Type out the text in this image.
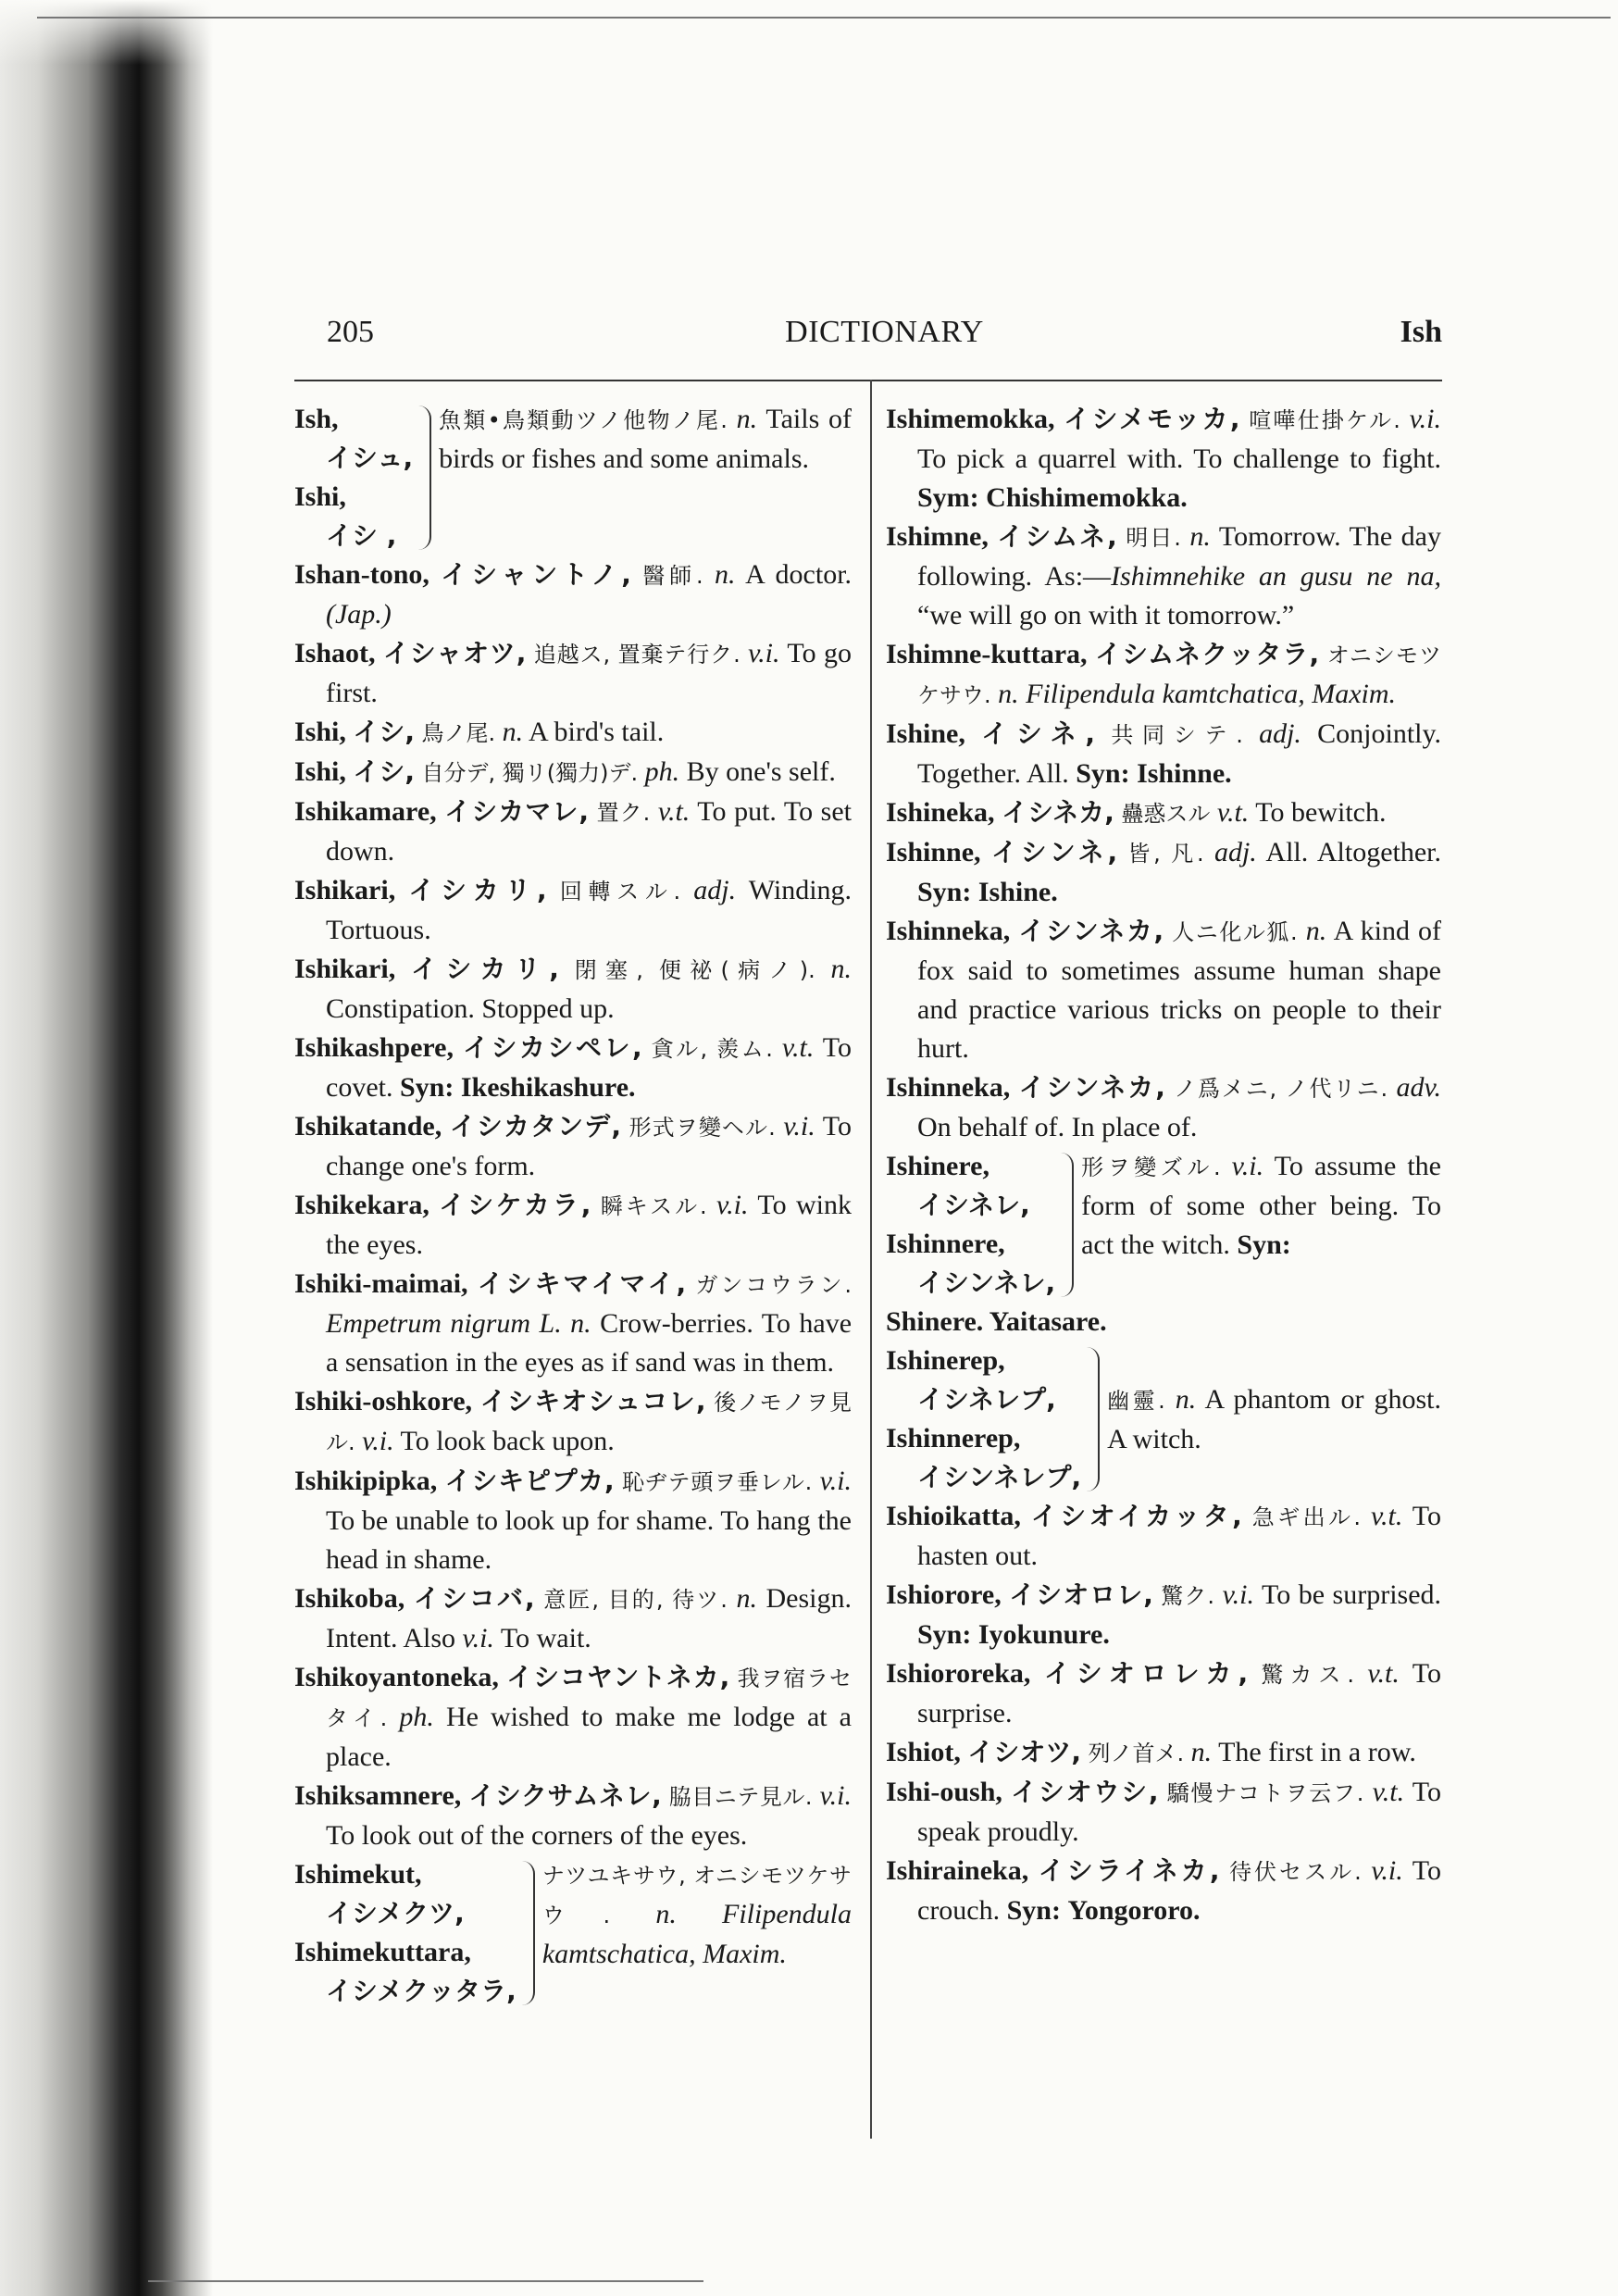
DICTIONARY
205	Ish
Ish,
イシュ,
Ishi,
イシ ,
魚類•鳥類動ツノ他物ノ尾. n. Tails of birds or fishes and some animals.

Ishan-tono, イシャントノ, 醫師. n. A doctor. (Jap.)

Ishaot, イシャオツ, 追越ス, 置棄テ行ク. v.i. To go first.

Ishi, イシ, 鳥ノ尾. n. A bird's tail.

Ishi, イシ, 自分デ, 獨リ(獨力)デ. ph. By one's self.

Ishikamare, イシカマレ, 置ク. v.t. To put. To set down.

Ishikari, イシカリ, 回轉スル. adj. Winding. Tortuous.

Ishikari, イシカリ, 閉塞, 便祕(病ノ). n. Constipation. Stopped up.

Ishikashpere, イシカシペレ, 貪ル, 羨ム. v.t. To covet. Syn: Ikeshikashure.

Ishikatande, イシカタンデ, 形式ヲ變ヘル. v.i. To change one's form.

Ishikekara, イシケカラ, 瞬キスル. v.i. To wink the eyes.

Ishiki-maimai, イシキマイマイ, ガンコウラン. Empetrum nigrum L. n. Crow-berries. To have a sensation in the eyes as if sand was in them.

Ishiki-oshkore, イシキオシュコレ, 後ノモノヲ見ル. v.i. To look back upon.

Ishikipipka, イシキピプカ, 恥ヂテ頭ヲ垂レル. v.i. To be unable to look up for shame. To hang the head in shame.

Ishikoba, イシコバ, 意匠, 目的, 待ツ. n. Design. Intent. Also v.i. To wait.

Ishikoyantoneka, イシコヤントネカ, 我ヲ宿ラセタイ. ph. He wished to make me lodge at a place.

Ishiksamnere, イシクサムネレ, 脇目ニテ見ル. v.i. To look out of the corners of the eyes.

Ishimekut,
イシメクツ,
Ishimekuttara,
イシメクッタラ,
ナツユキサウ, オニシモツケサウ. n. Filipendula kamtschatica, Maxim.

Ishimemokka, イシメモッカ, 喧嘩仕掛ケル. v.i. To pick a quarrel with. To challenge to fight. Sym: Chishimemokka.

Ishimne, イシムネ, 明日. n. Tomorrow. The day following. As:—Ishimnehike an gusu ne na, “we will go on with it tomorrow.”

Ishimne-kuttara, イシムネクッタラ, オニシモツケサウ. n. Filipendula kamtchatica, Maxim.

Ishine, イシネ, 共同シテ. adj. Conjointly. Together. All. Syn: Ishinne.

Ishineka, イシネカ, 蠱惑スル v.t. To bewitch.

Ishinne, イシンネ, 皆, 凡. adj. All. Altogether. Syn: Ishine.

Ishinneka, イシンネカ, 人ニ化ル狐. n. A kind of fox said to sometimes assume human shape and practice various tricks on people to their hurt.

Ishinneka, イシンネカ, ノ爲メニ, ノ代リニ. adv. On behalf of. In place of.

Ishinere,
イシネレ,
Ishinnere,
イシンネレ,
形ヲ變ズル. v.i. To assume the form of some other being. To act the witch. Syn:
Shinere. Yaitasare.
Ishinerep,
イシネレプ,
Ishinnerep,
イシンネレプ,
幽靈. n. A phantom or ghost. A witch.

Ishioikatta, イシオイカッタ, 急ギ出ル. v.t. To hasten out.

Ishiorore, イシオロレ, 驚ク. v.i. To be surprised. Syn: Iyokunure.

Ishiororeka, イシオロレカ, 驚カス. v.t. To surprise.

Ishiot, イシオツ, 列ノ首メ. n. The first in a row.

Ishi-oush, イシオウシ, 驕慢ナコトヲ云フ. v.t. To speak proudly.

Ishiraineka, イシライネカ, 待伏セスル. v.i. To crouch. Syn: Yongororo.
